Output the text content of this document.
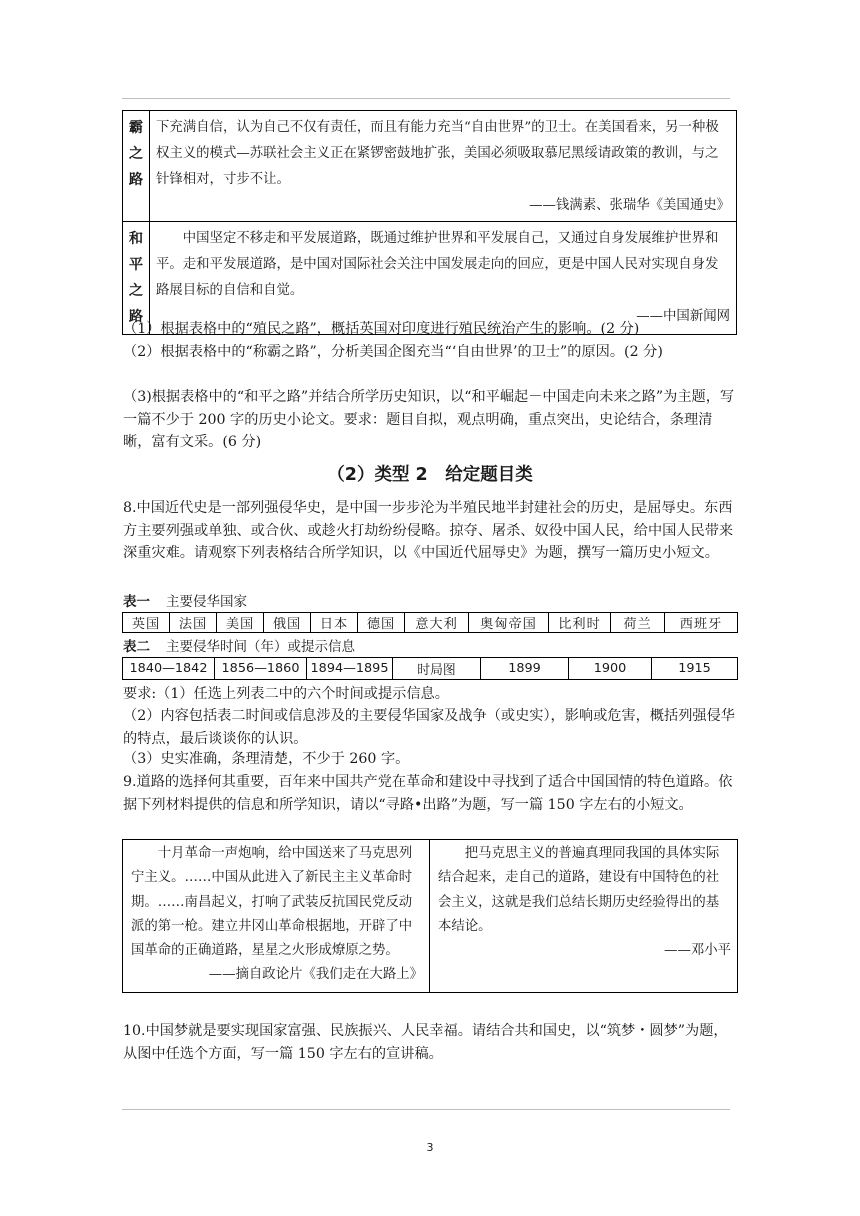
霸之路	下充满自信，认为自己不仅有责任，而且有能力充当“自由世界”的卫士。在美国看来，另一种极权主义的模式—苏联社会主义正在紧锣密鼓地扩张，美国必须吸取慕尼黑绥请政策的教训，与之针锋相对，寸步不让。
——钱满素、张瑞华《美国通史》

和平之路	中国坚定不移走和平发展道路，既通过维护世界和平发展自己，又通过自身发展维护世界和平。走和平发展道路，是中国对国际社会关注中国发展走向的回应，更是中国人民对实现自身发路展目标的自信和自觉。
——中国新闻网
（1）根据表格中的“殖民之路”，概括英国对印度进行殖民统治产生的影响。(2 分)
（2）根据表格中的“称霸之路”，分析美国企图充当“‘自由世界’的卫士”的原因。(2 分)
（3)根据表格中的“和平之路”并结合所学历史知识，以“和平崛起－中国走向未来之路”为主题，写一篇不少于 200 字的历史小论文。要求：题目自拟，观点明确，重点突出，史论结合，条理清晰，富有文采。(6 分)
（2）类型 2　给定题目类
8.中国近代史是一部列强侵华史，是中国一步步沦为半殖民地半封建社会的历史，是屈辱史。东西方主要列强或单独、或合伙、或趁火打劫纷纷侵略。掠夺、屠杀、奴役中国人民，给中国人民带来深重灾难。请观察下列表格结合所学知识，以《中国近代屈辱史》为题，撰写一篇历史小短文。
表一 主要侵华国家
英国	法国	美国	俄国	日本	德国	意大利	奥匈帝国	比利时	荷兰	西班牙
表二 主要侵华时间（年）或提示信息
1840—1842	1856—1860	1894—1895	时局图	1899	1900	1915
要求:（1）任选上列表二中的六个时间或提示信息。
（2）内容包括表二时间或信息涉及的主要侵华国家及战争（或史实），影响或危害，概括列强侵华的特点，最后谈谈你的认识。
（3）史实准确，条理清楚，不少于 260 字。
9.道路的选择何其重要，百年来中国共产党在革命和建设中寻找到了适合中国国情的特色道路。依据下列材料提供的信息和所学知识，请以“寻路•出路”为题，写一篇 150 字左右的小短文。
十月革命一声炮响，给中国送来了马克思列宁主义。……中国从此进入了新民主主义革命时期。……南昌起义，打响了武装反抗国民党反动派的第一枪。建立井冈山革命根据地，开辟了中国革命的正确道路，星星之火形成燎原之势。
——摘自政论片《我们走在大路上》

把马克思主义的普遍真理同我国的具体实际结合起来，走自己的道路，建设有中国特色的社会主义，这就是我们总结长期历史经验得出的基本结论。
——邓小平
10.中国梦就是要实现国家富强、民族振兴、人民幸福。请结合共和国史，以“筑梦・圆梦”为题，从图中任选个方面，写一篇 150 字左右的宣讲稿。
3
